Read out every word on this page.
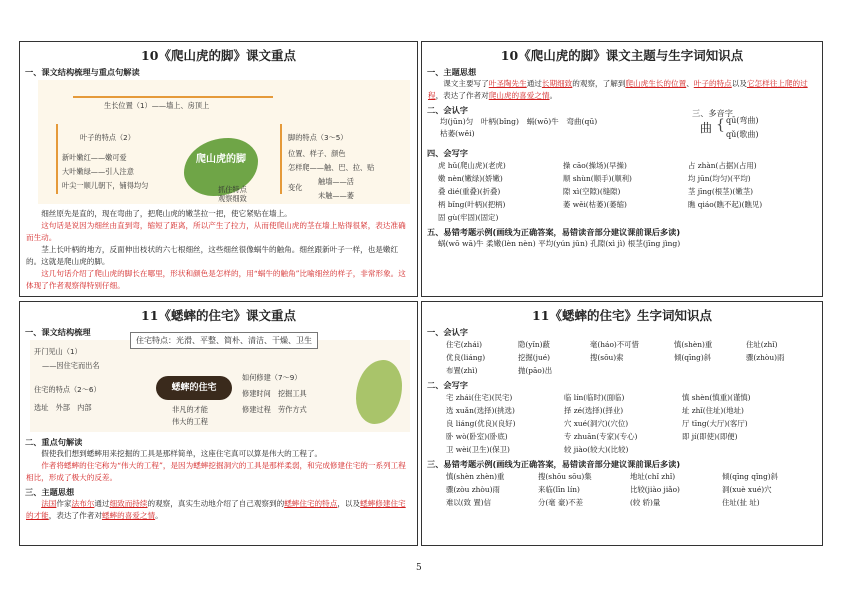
10《爬山虎的脚》课文重点
一、课文结构梳理与重点句解读
生长位置（1）——墙上、房顶上
叶子的特点（2）
新叶嫩红——嫩可爱
大叶嫩绿——引人注意
叶尖一顺儿朝下，铺得均匀
爬山虎的脚
抓住特点
观察细致
脚的特点（3～5）
位置、样子、颜色
怎样爬——触、巴、拉、贴
变化
触墙——活
未触——萎

细丝原先是直的，现在弯曲了，把爬山虎的嫩茎拉一把，使它紧贴在墙上。

这句话是说因为细丝由直到弯，缩短了距离，所以产生了拉力，从而使爬山虎的茎在墙上贴得很紧，表达准确而生动。

茎上长叶柄的地方，反面伸出枝状的六七根细丝，这些细丝很像蜗牛的触角。细丝跟新叶子一样，也是嫩红的。这就是爬山虎的脚。

这几句话介绍了爬山虎的脚长在哪里，形状和颜色是怎样的，用“蜗牛的触角”比喻细丝的样子，非常形象。这体现了作者观察得特别仔细。

10《爬山虎的脚》课文主题与生字词知识点
一、主题思想
课文主要写了叶圣陶先生通过长期细致的观察，了解到爬山虎生长的位置、叶子的特点以及它怎样往上爬的过程，表达了作者对爬山虎的喜爱之情。
二、会认字
均(jūn)匀　 叶柄(bǐng)　 蜗(wō)牛　 弯曲(qū)
枯萎(wěi)
三、多音字
曲 { qū(弯曲)
qǔ(歌曲)
四、会写字
虎 hǔ(爬山虎)(老虎)	操 cāo(操场)(早操)	占 zhàn(占据)(占用)
嫩 nèn(嫩绿)(娇嫩)	顺 shùn(顺手)(顺利)	均 jūn(均匀)(平均)
叠 dié(重叠)(折叠)	隙 xì(空隙)(缝隙)	茎 jīng(根茎)(嫩茎)
柄 bǐng(叶柄)(把柄)	萎 wěi(枯萎)(萎缩)	瞧 qiáo(瞧不起)(瞧见)
固 gù(牢固)(固定)
五、易错考题示例(画线为正确答案，易错读音部分建议课前课后多读)
蜗(wō wā)牛 柔嫩(lèn nèn) 平均(yún jūn) 孔隙(xì jì) 根茎(jīng jìng)
11《蟋蟀的住宅》课文重点
一、课文结构梳理
住宅特点：光滑、平整、简朴、清洁、干燥、卫生
开门见山（1）
——因住宅而出名
住宅的特点（2～6）
选址　外部　内部
蟋蟀的住宅
非凡的才能
伟大的工程
如何修建（7～9）
修建时间　挖掘工具
修建过程　劳作方式
二、重点句解读

假使我们想到蟋蟀用来挖掘的工具是那样简单，这座住宅真可以算是伟大的工程了。

作者将蟋蟀的住宅称为“伟大的工程”，是因为蟋蟀挖掘洞穴的工具是那样柔弱，和完成修建住宅的一系列工程相比，形成了极大的反差。

三、主题思想
法国作家法布尔通过细致而持续的观察，真实生动地介绍了自己观察到的蟋蟀住宅的特点，以及蟋蟀修建住宅的才能，表达了作者对蟋蟀的喜爱之情。
11《蟋蟀的住宅》生字词知识点
一、会认字
住宅(zhái)	隐(yǐn)蔽	毫(háo)不可惜	慎(shèn)重	住址(zhǐ)
优良(liáng)	挖掘(jué)	搜(sōu)索	倾(qīng)斜	骤(zhòu)雨
布置(zhì)	抛(pāo)出
二、会写字
宅 zhái(住宅)(民宅)	临 lín(临时)(面临)	慎 shèn(慎重)(谨慎)
选 xuǎn(选择)(挑选)	择 zé(选择)(择业)	址 zhǐ(住址)(地址)
良 liáng(优良)(良好)	穴 xué(洞穴)(穴位)	厅 tīng(大厅)(客厅)
卧 wò(卧室)(卧底)	专 zhuān(专家)(专心)	即 jí(即使)(即便)
卫 wèi(卫生)(保卫)	较 jiào(较大)(比较)
三、易错考题示例(画线为正确答案，易错读音部分建议课前课后多读)
慎(shèn zhèn)重	搜(shōu sōu)集	地址(chǐ zhǐ)	倾(qīng qǐng)斜
骤(zòu zhòu)雨	来临(līn lín)	比较(jiào jiǎo)	洞(xuè xué)穴
难以(致 置)信	分(毫 豪)不差	(较 轿)量	住址(扯 址)
5
